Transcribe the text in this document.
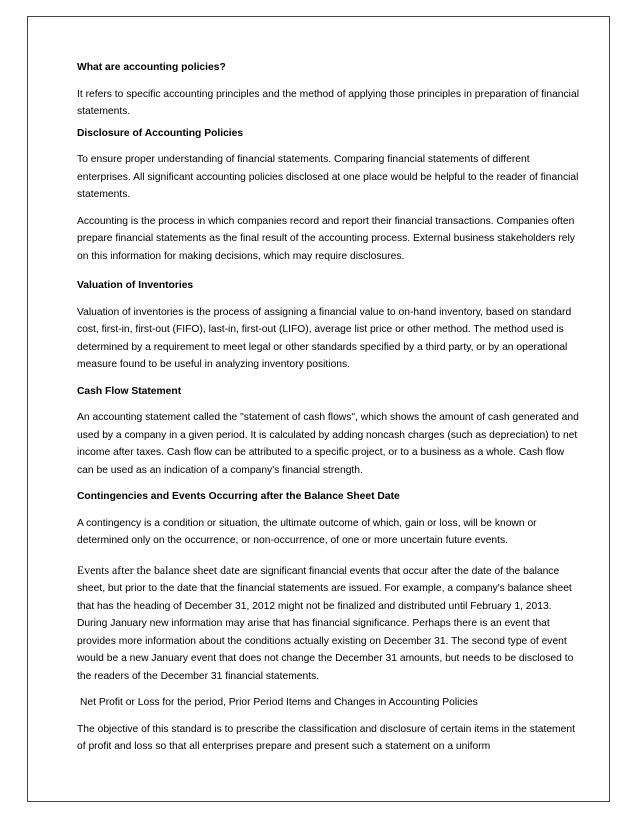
What are accounting policies?

It refers to specific accounting principles and the method of applying those principles in preparation of financial statements.

Disclosure of Accounting Policies

To ensure proper understanding of financial statements. Comparing financial statements of different enterprises. All significant accounting policies disclosed at one place would be helpful to the reader of financial statements.

Accounting is the process in which companies record and report their financial transactions. Companies often prepare financial statements as the final result of the accounting process. External business stakeholders rely on this information for making decisions, which may require disclosures.

Valuation of Inventories

Valuation of inventories is the process of assigning a financial value to on-hand inventory, based on standard cost, first-in, first-out (FIFO), last-in, first-out (LIFO), average list price or other method. The method used is determined by a requirement to meet legal or other standards specified by a third party, or by an operational measure found to be useful in analyzing inventory positions.

Cash Flow Statement

An accounting statement called the "statement of cash flows", which shows the amount of cash generated and used by a company in a given period. It is calculated by adding noncash charges (such as depreciation) to net income after taxes. Cash flow can be attributed to a specific project, or to a business as a whole. Cash flow can be used as an indication of a company's financial strength.

Contingencies and Events Occurring after the Balance Sheet Date

A contingency is a condition or situation, the ultimate outcome of which, gain or loss, will be known or determined only on the occurrence, or non-occurrence, of one or more uncertain future events.

Events after the balance sheet date are significant financial events that occur after the date of the balance sheet, but prior to the date that the financial statements are issued. For example, a company's balance sheet that has the heading of December 31, 2012 might not be finalized and distributed until February 1, 2013. During January new information may arise that has financial significance. Perhaps there is an event that provides more information about the conditions actually existing on December 31. The second type of event would be a new January event that does not change the December 31 amounts, but needs to be disclosed to the readers of the December 31 financial statements.

Net Profit or Loss for the period, Prior Period Items and Changes in Accounting Policies

The objective of this standard is to prescribe the classification and disclosure of certain items in the statement of profit and loss so that all enterprises prepare and present such a statement on a uniform
